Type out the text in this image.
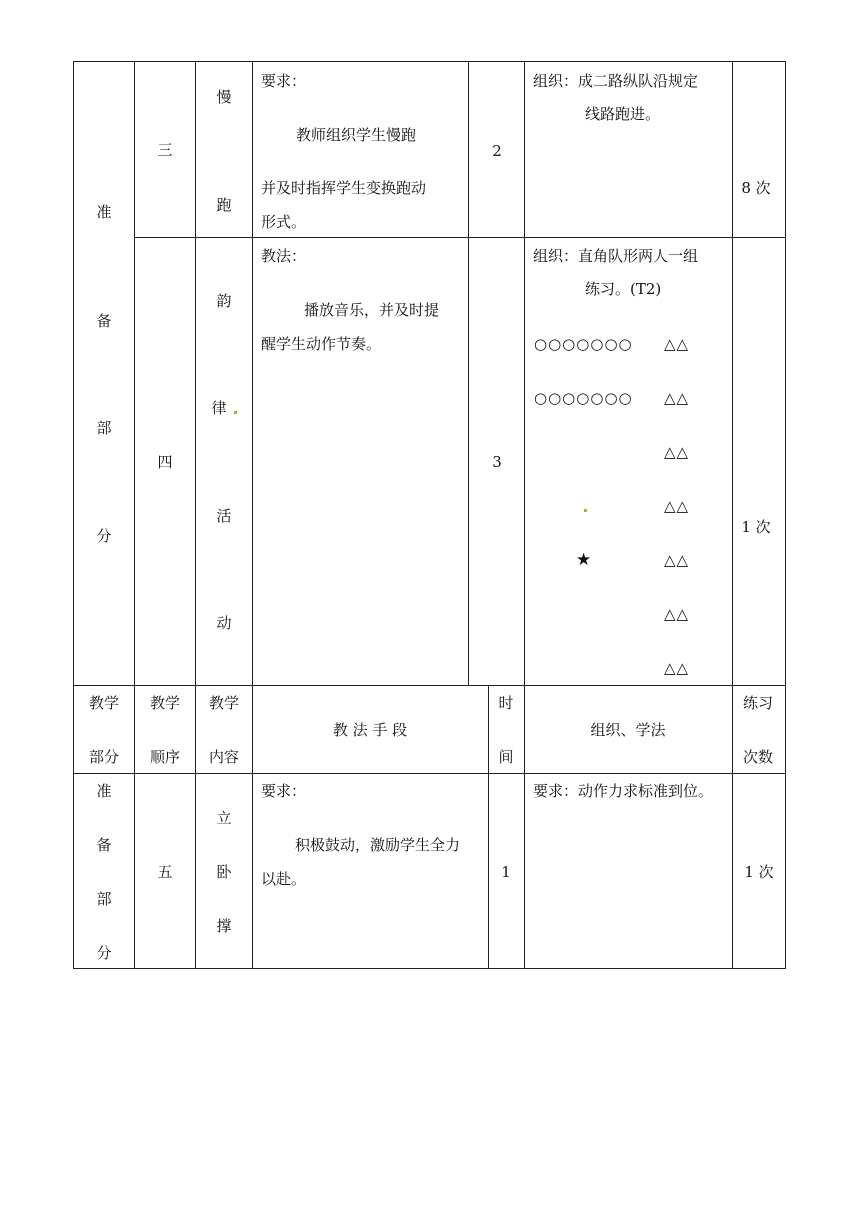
准
三
慢
跑
要求：
教师组织学生慢跑
并及时指挥学生变换跑动
形式。
2
组织：成二路纵队沿规定
线路跑进。
8 次
备
部
分
四
韵
律
活
动
教法：
播放音乐，并及时提
醒学生动作节奏。
3
组织：直角队形两人一组
练习。(T2)
○○○○○○○
○○○○○○○
△△
△△
△△
△△
△△
△△
△△
★
1 次
教学
部分
教学
顺序
教学
内容
教 法 手 段
时
间
组织、学法
练习
次数
准
备
部
分
五
立
卧
撑
要求：
积极鼓动，激励学生全力
以赴。	1
要求：动作力求标准到位。
1 次
